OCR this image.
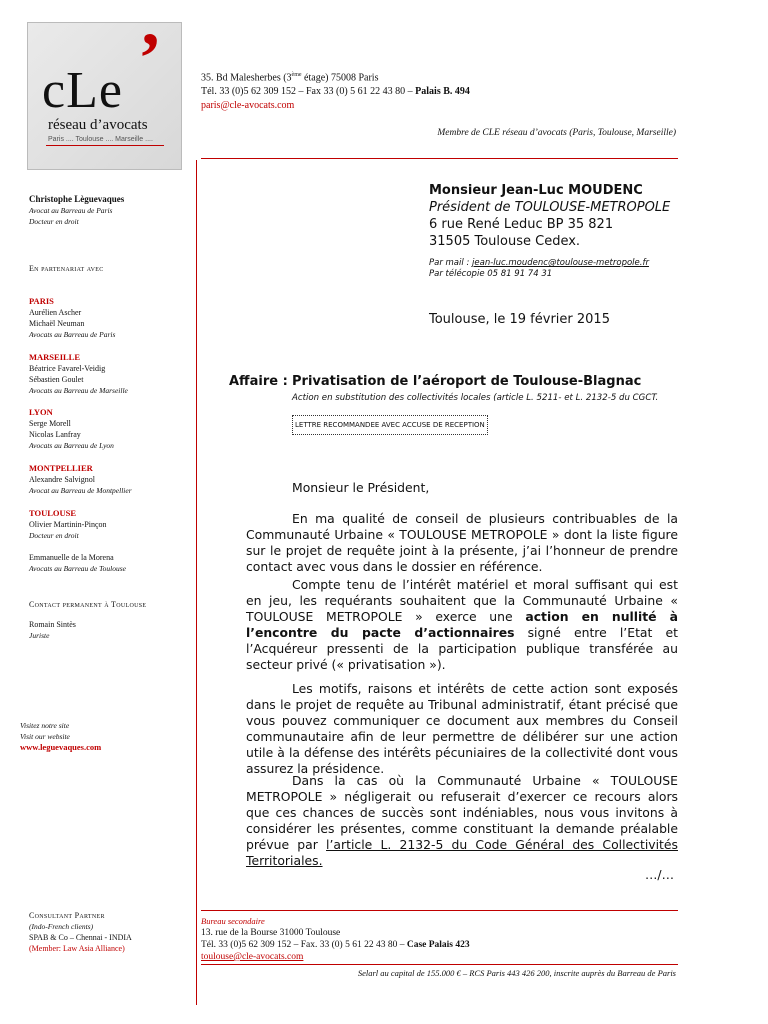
cLe ’
réseau d’avocats
Paris .... Toulouse .... Marseille ....
35. Bd Malesherbes (3ème étage) 75008 Paris
Tél. 33 (0)5 62 309 152 – Fax 33 (0) 5 61 22 43 80 – Palais B. 494
paris@cle-avocats.com
Membre de CLE réseau d’avocats (Paris, Toulouse, Marseille)
Christophe Lèguevaques
Avocat au Barreau de Paris
Docteur en droit
En partenariat avec
PARIS
Aurélien Ascher
Michaël Neuman
Avocats au Barreau de Paris
MARSEILLE
Béatrice Favarel-Veidig
Sébastien Goulet
Avocats au Barreau de Marseille
LYON
Serge Morell
Nicolas Lanfray
Avocats au Barreau de Lyon
MONTPELLIER
Alexandre Salvignol
Avocat au Barreau de Montpellier
TOULOUSE
Olivier Martinin-Pinçon
Docteur en droit
Emmanuelle de la Morena
Avocats au Barreau de Toulouse
Contact permanent à Toulouse
Romain Sintès
Juriste
Visitez notre site
Visit our website
www.leguevaques.com
Consultant Partner
(Indo-French clients)
SPAB & Co – Chennai - INDIA
(Member: Law Asia Alliance)
Monsieur Jean-Luc MOUDENC
Président de TOULOUSE-METROPOLE
6 rue René Leduc BP 35 821
31505 Toulouse Cedex.
Par mail : jean-luc.moudenc@toulouse-metropole.fr
Par télécopie 05 81 91 74 31
Toulouse, le 19 février 2015
Affaire : Privatisation de l’aéroport de Toulouse-Blagnac
Action en substitution des collectivités locales (article L. 5211- et L. 2132-5 du CGCT.
LETTRE RECOMMANDEE AVEC ACCUSE DE RECEPTION
Monsieur le Président,
En ma qualité de conseil de plusieurs contribuables de la Communauté Urbaine « TOULOUSE METROPOLE » dont la liste figure sur le projet de requête joint à la présente, j’ai l’honneur de prendre contact avec vous dans le dossier en référence.
Compte tenu de l’intérêt matériel et moral suffisant qui est en jeu, les requérants souhaitent que la Communauté Urbaine « TOULOUSE METROPOLE » exerce une action en nullité à l’encontre du pacte d’actionnaires signé entre l’Etat et l’Acquéreur pressenti de la participation publique transférée au secteur privé (« privatisation »).
Les motifs, raisons et intérêts de cette action sont exposés dans le projet de requête au Tribunal administratif, étant précisé que vous pouvez communiquer ce document aux membres du Conseil communautaire afin de leur permettre de délibérer sur une action utile à la défense des intérêts pécuniaires de la collectivité dont vous assurez la présidence.
Dans la cas où la Communauté Urbaine « TOULOUSE METROPOLE » négligerait ou refuserait d’exercer ce recours alors que ces chances de succès sont indéniables, nous vous invitons à considérer les présentes, comme constituant la demande préalable prévue par l’article L. 2132-5 du Code Général des Collectivités Territoriales.
…/…
Bureau secondaire
13. rue de la Bourse 31000 Toulouse
Tél. 33 (0)5 62 309 152 – Fax. 33 (0) 5 61 22 43 80 – Case Palais 423
toulouse@cle-avocats.com
Selarl au capital de 155.000 € – RCS Paris 443 426 200, inscrite auprès du Barreau de Paris
